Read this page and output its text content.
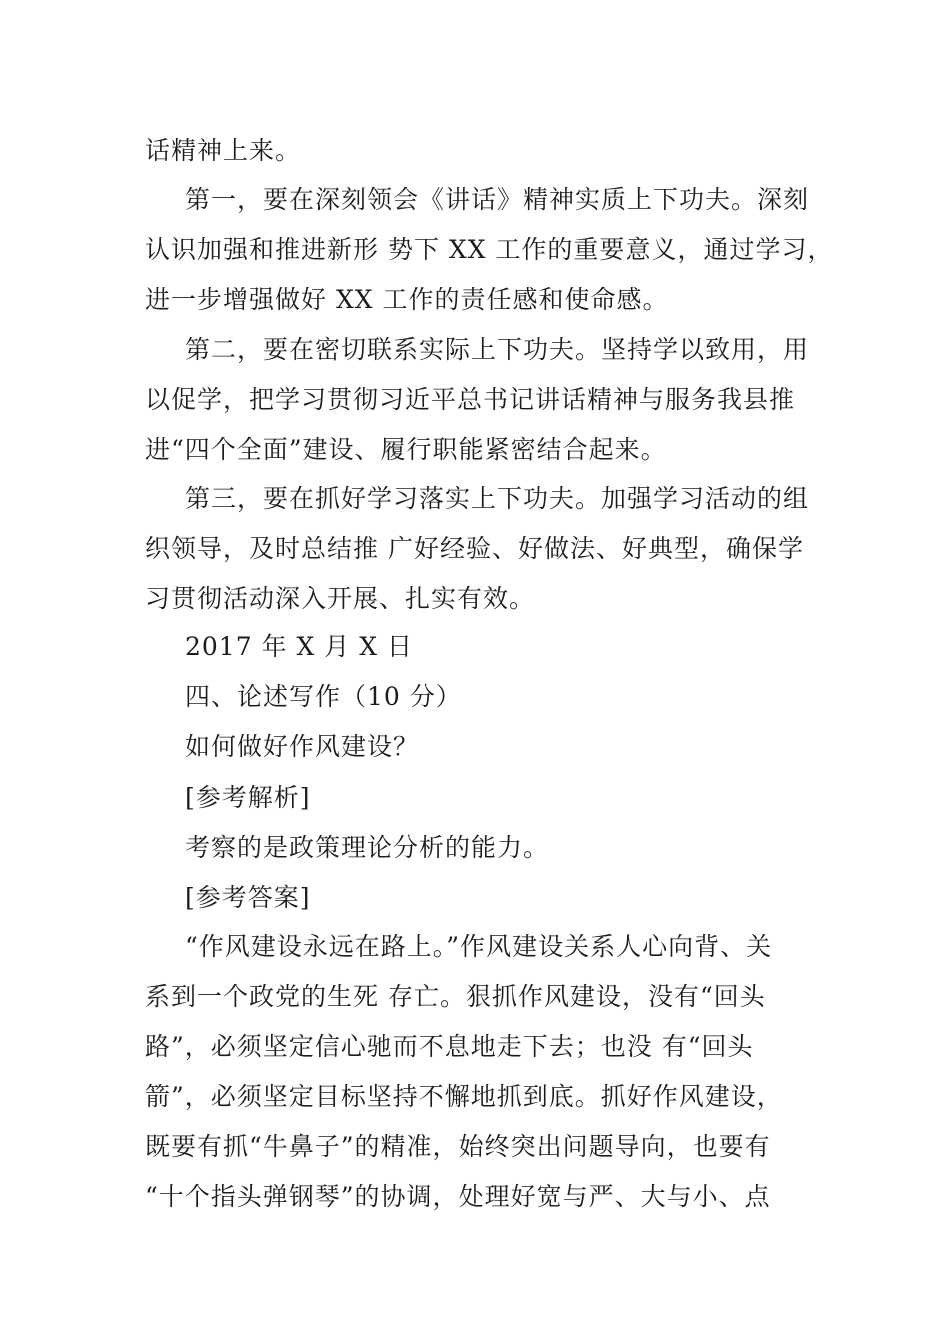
话精神上来。

第一，要在深刻领会《讲话》精神实质上下功夫。深刻

认识加强和推进新形 势下 XX 工作的重要意义，通过学习，

进一步增强做好 XX 工作的责任感和使命感。

第二，要在密切联系实际上下功夫。坚持学以致用，用

以促学，把学习贯彻习近平总书记讲话精神与服务我县推

进“四个全面”建设、履行职能紧密结合起来。

第三，要在抓好学习落实上下功夫。加强学习活动的组

织领导，及时总结推 广好经验、好做法、好典型，确保学

习贯彻活动深入开展、扎实有效。

2017 年 X 月 X 日

四、论述写作（10 分）

如何做好作风建设？

[参考解析]

考察的是政策理论分析的能力。

[参考答案]

“作风建设永远在路上。”作风建设关系人心向背、关

系到一个政党的生死 存亡。狠抓作风建设，没有“回头

路”，必须坚定信心驰而不息地走下去；也没 有“回头

箭”，必须坚定目标坚持不懈地抓到底。抓好作风建设，

既要有抓“牛鼻子”的精准，始终突出问题导向，也要有

“十个指头弹钢琴”的协调，处理好宽与严、大与小、点
